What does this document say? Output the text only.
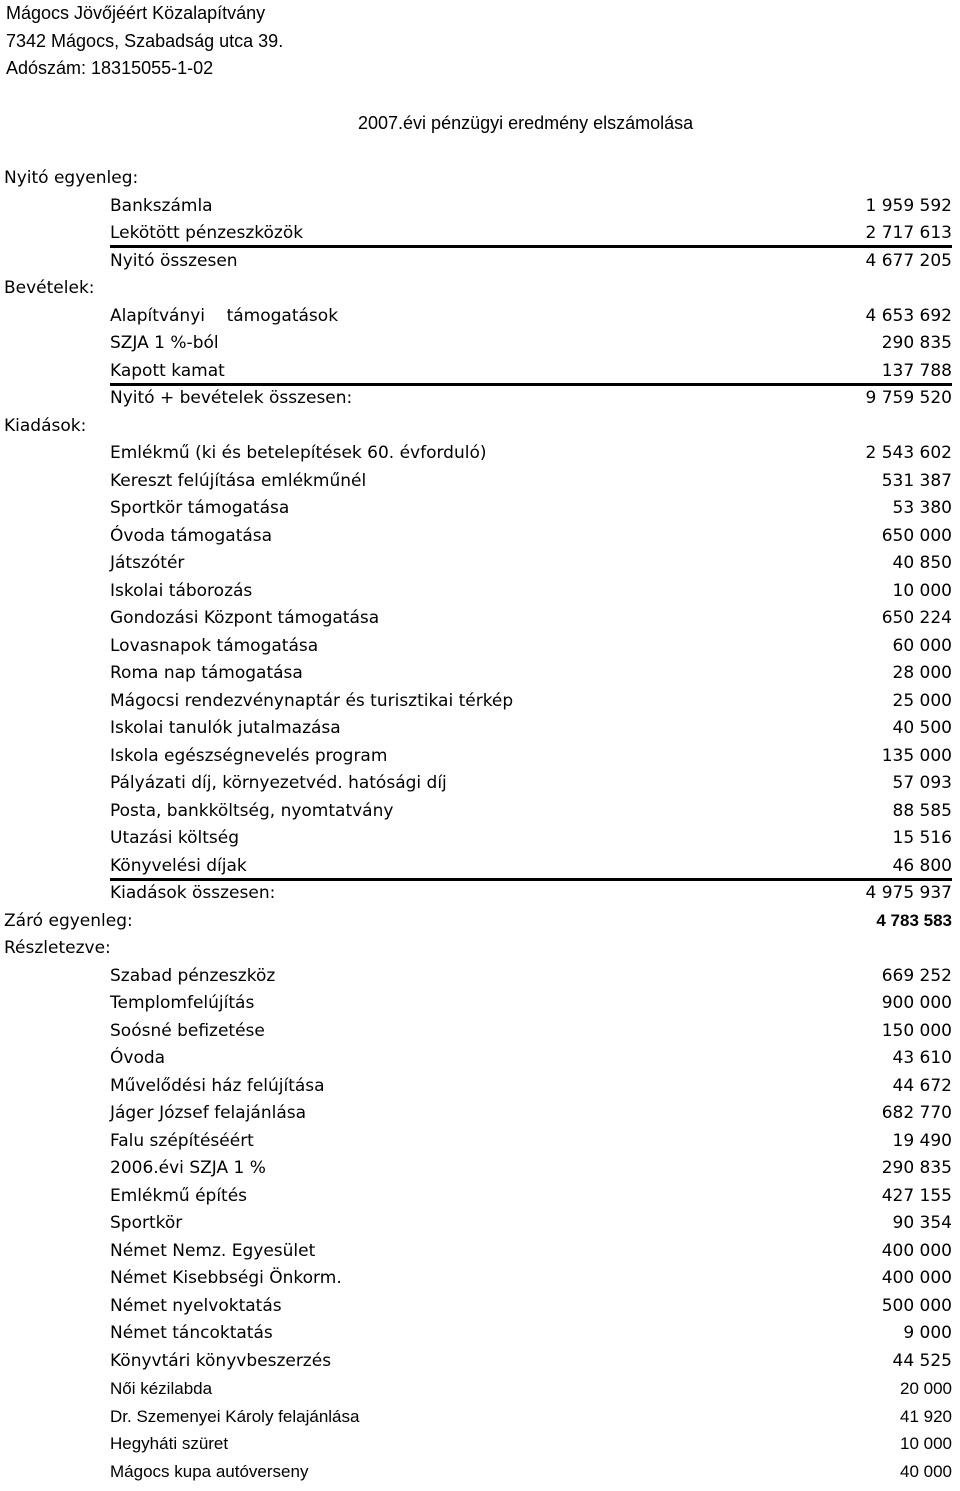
Mágocs Jövőjéért Közalapítvány
7342 Mágocs, Szabadság utca 39.
Adószám: 18315055-1-02
2007.évi pénzügyi eredmény elszámolása
Nyitó egyenleg:
Bankszámla	1 959 592
Lekötött pénzeszközök	2 717 613
Nyitó összesen	4 677 205
Bevételek:
Alapítványi    támogatások	4 653 692
SZJA 1 %-ból	290 835
Kapott kamat	137 788
Nyitó + bevételek összesen:	9 759 520
Kiadások:
Emlékmű (ki és betelepítések 60. évforduló)	2 543 602
Kereszt felújítása emlékműnél	531 387
Sportkör támogatása	53 380
Óvoda támogatása	650 000
Játszótér	40 850
Iskolai táborozás	10 000
Gondozási Központ támogatása	650 224
Lovasnapok támogatása	60 000
Roma nap támogatása	28 000
Mágocsi rendezvénynaptár és turisztikai térkép	25 000
Iskolai tanulók jutalmazása	40 500
Iskola egészségnevelés program	135 000
Pályázati díj, környezetvéd. hatósági díj	57 093
Posta, bankköltség, nyomtatvány	88 585
Utazási költség	15 516
Könyvelési díjak	46 800
Kiadások összesen:	4 975 937
Záró egyenleg:	4 783 583
Részletezve:
Szabad pénzeszköz	669 252
Templomfelújítás	900 000
Soósné befizetése	150 000
Óvoda	43 610
Művelődési ház felújítása	44 672
Jáger József felajánlása	682 770
Falu szépítéséért	19 490
2006.évi SZJA 1 %	290 835
Emlékmű építés	427 155
Sportkör	90 354
Német Nemz. Egyesület	400 000
Német Kisebbségi Önkorm.	400 000
Német nyelvoktatás	500 000
Német táncoktatás	9 000
Könyvtári könyvbeszerzés	44 525
Női kézilabda	20 000
Dr. Szemenyei Károly felajánlása	41 920
Hegyháti szüret	10 000
Mágocs kupa autóverseny	40 000
